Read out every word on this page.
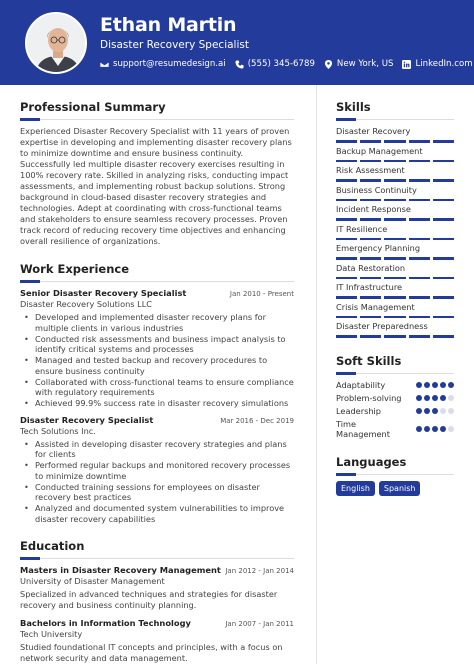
Ethan Martin
Disaster Recovery Specialist
support@resumedesign.ai	(555) 345-6789	New York, US	LinkedIn.com
Professional Summary
Experienced Disaster Recovery Specialist with 11 years of proven expertise in developing and implementing disaster recovery plans to minimize downtime and ensure business continuity. Successfully led multiple disaster recovery exercises resulting in 100% recovery rate. Skilled in analyzing risks, conducting impact assessments, and implementing robust backup solutions. Strong background in cloud-based disaster recovery strategies and technologies. Adept at coordinating with cross-functional teams and stakeholders to ensure seamless recovery processes. Proven track record of reducing recovery time objectives and enhancing overall resilience of organizations.
Work Experience
Senior Disaster Recovery Specialist	Jan 2010 - Present
Disaster Recovery Solutions LLC
• Developed and implemented disaster recovery plans for multiple clients in various industries
• Conducted risk assessments and business impact analysis to identify critical systems and processes
• Managed and tested backup and recovery procedures to ensure business continuity
• Collaborated with cross-functional teams to ensure compliance with regulatory requirements
• Achieved 99.9% success rate in disaster recovery simulations
Disaster Recovery Specialist	Mar 2016 - Dec 2019
Tech Solutions Inc.
• Assisted in developing disaster recovery strategies and plans for clients
• Performed regular backups and monitored recovery processes to minimize downtime
• Conducted training sessions for employees on disaster recovery best practices
• Analyzed and documented system vulnerabilities to improve disaster recovery capabilities
Education
Masters in Disaster Recovery Management Jan 2012 - Jan 2014
University of Disaster Management
Specialized in advanced techniques and strategies for disaster recovery and business continuity planning.
Bachelors in Information Technology	Jan 2007 - Jan 2011
Tech University
Studied foundational IT concepts and principles, with a focus on network security and data management.
Skills
Disaster Recovery
Backup Management
Risk Assessment
Business Continuity
Incident Response
IT Resilience
Emergency Planning
Data Restoration
IT Infrastructure
Crisis Management
Disaster Preparedness
Soft Skills
Adaptability
Problem-solving
Leadership
Time Management
Languages
English	Spanish
